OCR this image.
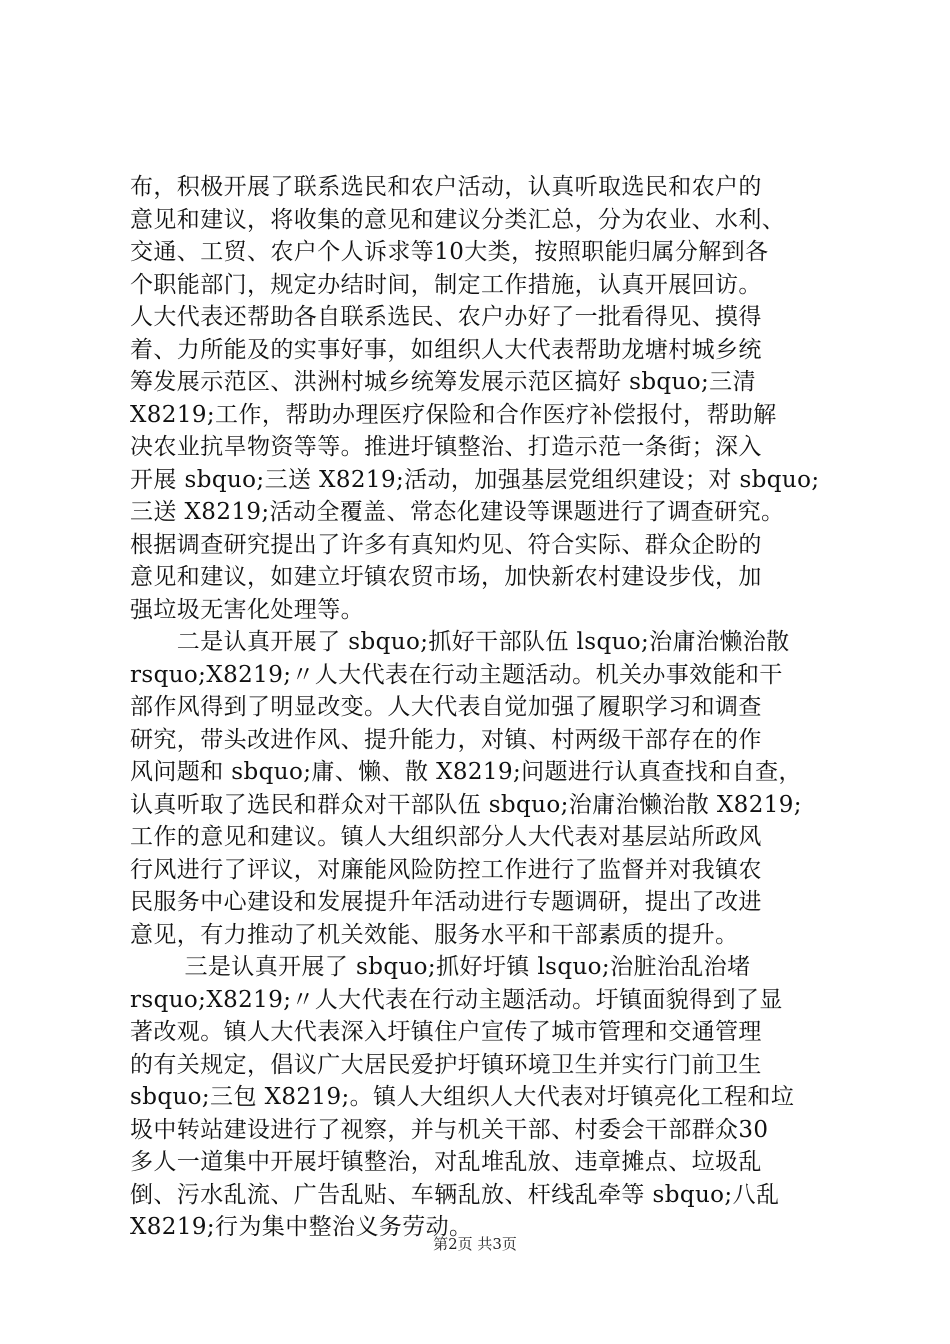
布，积极开展了联系选民和农户活动，认真听取选民和农户的
意见和建议，将收集的意见和建议分类汇总，分为农业、水利、
交通、工贸、农户个人诉求等10大类，按照职能归属分解到各
个职能部门，规定办结时间，制定工作措施，认真开展回访。
人大代表还帮助各自联系选民、农户办好了一批看得见、摸得
着、力所能及的实事好事，如组织人大代表帮助龙塘村城乡统
筹发展示范区、洪洲村城乡统筹发展示范区搞好 sbquo;三清
X8219;工作，帮助办理医疗保险和合作医疗补偿报付，帮助解
决农业抗旱物资等等。推进圩镇整治、打造示范一条街；深入
开展 sbquo;三送 X8219;活动，加强基层党组织建设；对 sbquo;
三送 X8219;活动全覆盖、常态化建设等课题进行了调查研究。
根据调查研究提出了许多有真知灼见、符合实际、群众企盼的
意见和建议，如建立圩镇农贸市场，加快新农村建设步伐，加
强垃圾无害化处理等。
　　二是认真开展了 sbquo;抓好干部队伍 lsquo;治庸治懒治散
rsquo;X8219;〃人大代表在行动主题活动。机关办事效能和干
部作风得到了明显改变。人大代表自觉加强了履职学习和调查
研究，带头改进作风、提升能力，对镇、村两级干部存在的作
风问题和 sbquo;庸、懒、散 X8219;问题进行认真查找和自查，
认真听取了选民和群众对干部队伍 sbquo;治庸治懒治散 X8219;
工作的意见和建议。镇人大组织部分人大代表对基层站所政风
行风进行了评议，对廉能风险防控工作进行了监督并对我镇农
民服务中心建设和发展提升年活动进行专题调研，提出了改进
意见，有力推动了机关效能、服务水平和干部素质的提升。
　　 三是认真开展了 sbquo;抓好圩镇 lsquo;治脏治乱治堵
rsquo;X8219;〃人大代表在行动主题活动。圩镇面貌得到了显
著改观。镇人大代表深入圩镇住户宣传了城市管理和交通管理
的有关规定，倡议广大居民爱护圩镇环境卫生并实行门前卫生
sbquo;三包 X8219;。镇人大组织人大代表对圩镇亮化工程和垃
圾中转站建设进行了视察，并与机关干部、村委会干部群众30
多人一道集中开展圩镇整治，对乱堆乱放、违章摊点、垃圾乱
倒、污水乱流、广告乱贴、车辆乱放、杆线乱牵等 sbquo;八乱
X8219;行为集中整治义务劳动。
第2页 共3页
